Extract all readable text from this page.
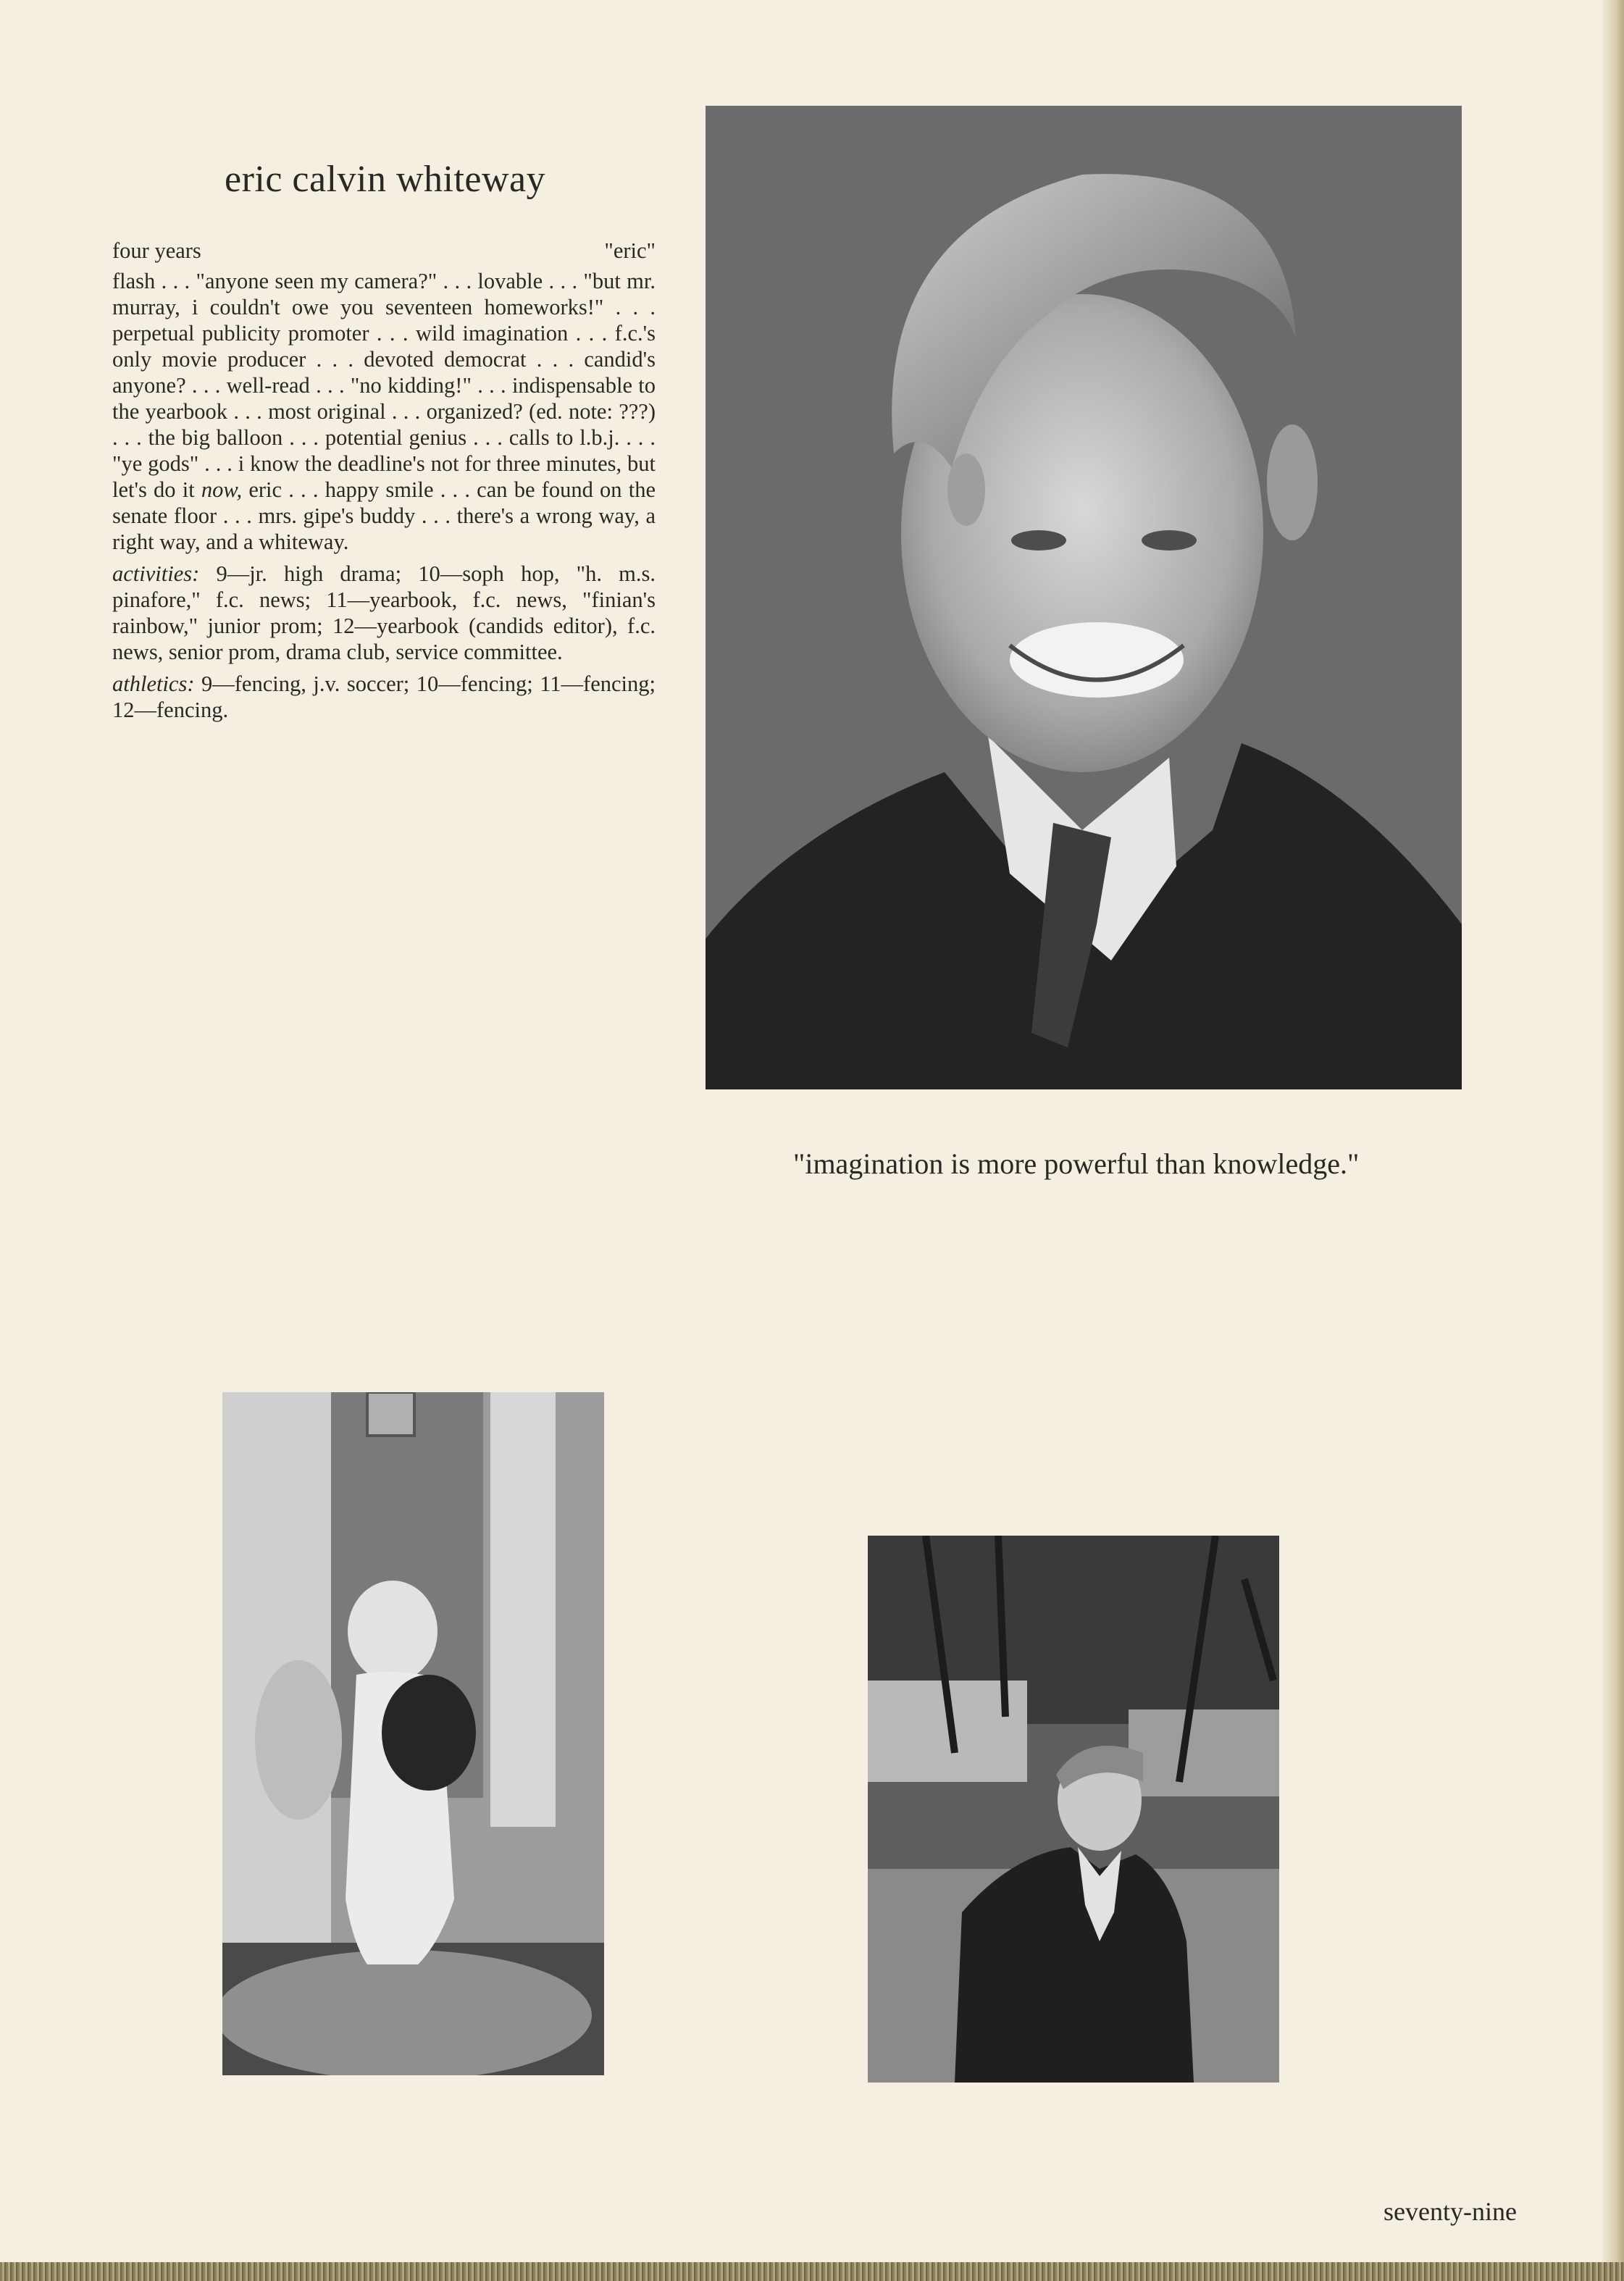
eric calvin whiteway
four years	"eric"

flash . . . "anyone seen my camera?" . . . lovable . . . "but mr. murray, i couldn't owe you seventeen homeworks!" . . . perpetual publicity promoter . . . wild imagination . . . f.c.'s only movie producer . . . devoted democrat . . . candid's anyone? . . . well-read . . . "no kidding!" . . . indispensable to the yearbook . . . most original . . . organized? (ed. note: ???) . . . the big balloon . . . potential genius . . . calls to l.b.j. . . . "ye gods" . . . i know the deadline's not for three minutes, but let's do it now, eric . . . happy smile . . . can be found on the senate floor . . . mrs. gipe's buddy . . . there's a wrong way, a right way, and a whiteway.

activities: 9—jr. high drama; 10—soph hop, "h. m.s. pinafore," f.c. news; 11—yearbook, f.c. news, "finian's rainbow," junior prom; 12—yearbook (candids editor), f.c. news, senior prom, drama club, service committee.

athletics: 9—fencing, j.v. soccer; 10—fencing; 11—fencing; 12—fencing.

"imagination is more powerful than knowledge."
seventy-nine
